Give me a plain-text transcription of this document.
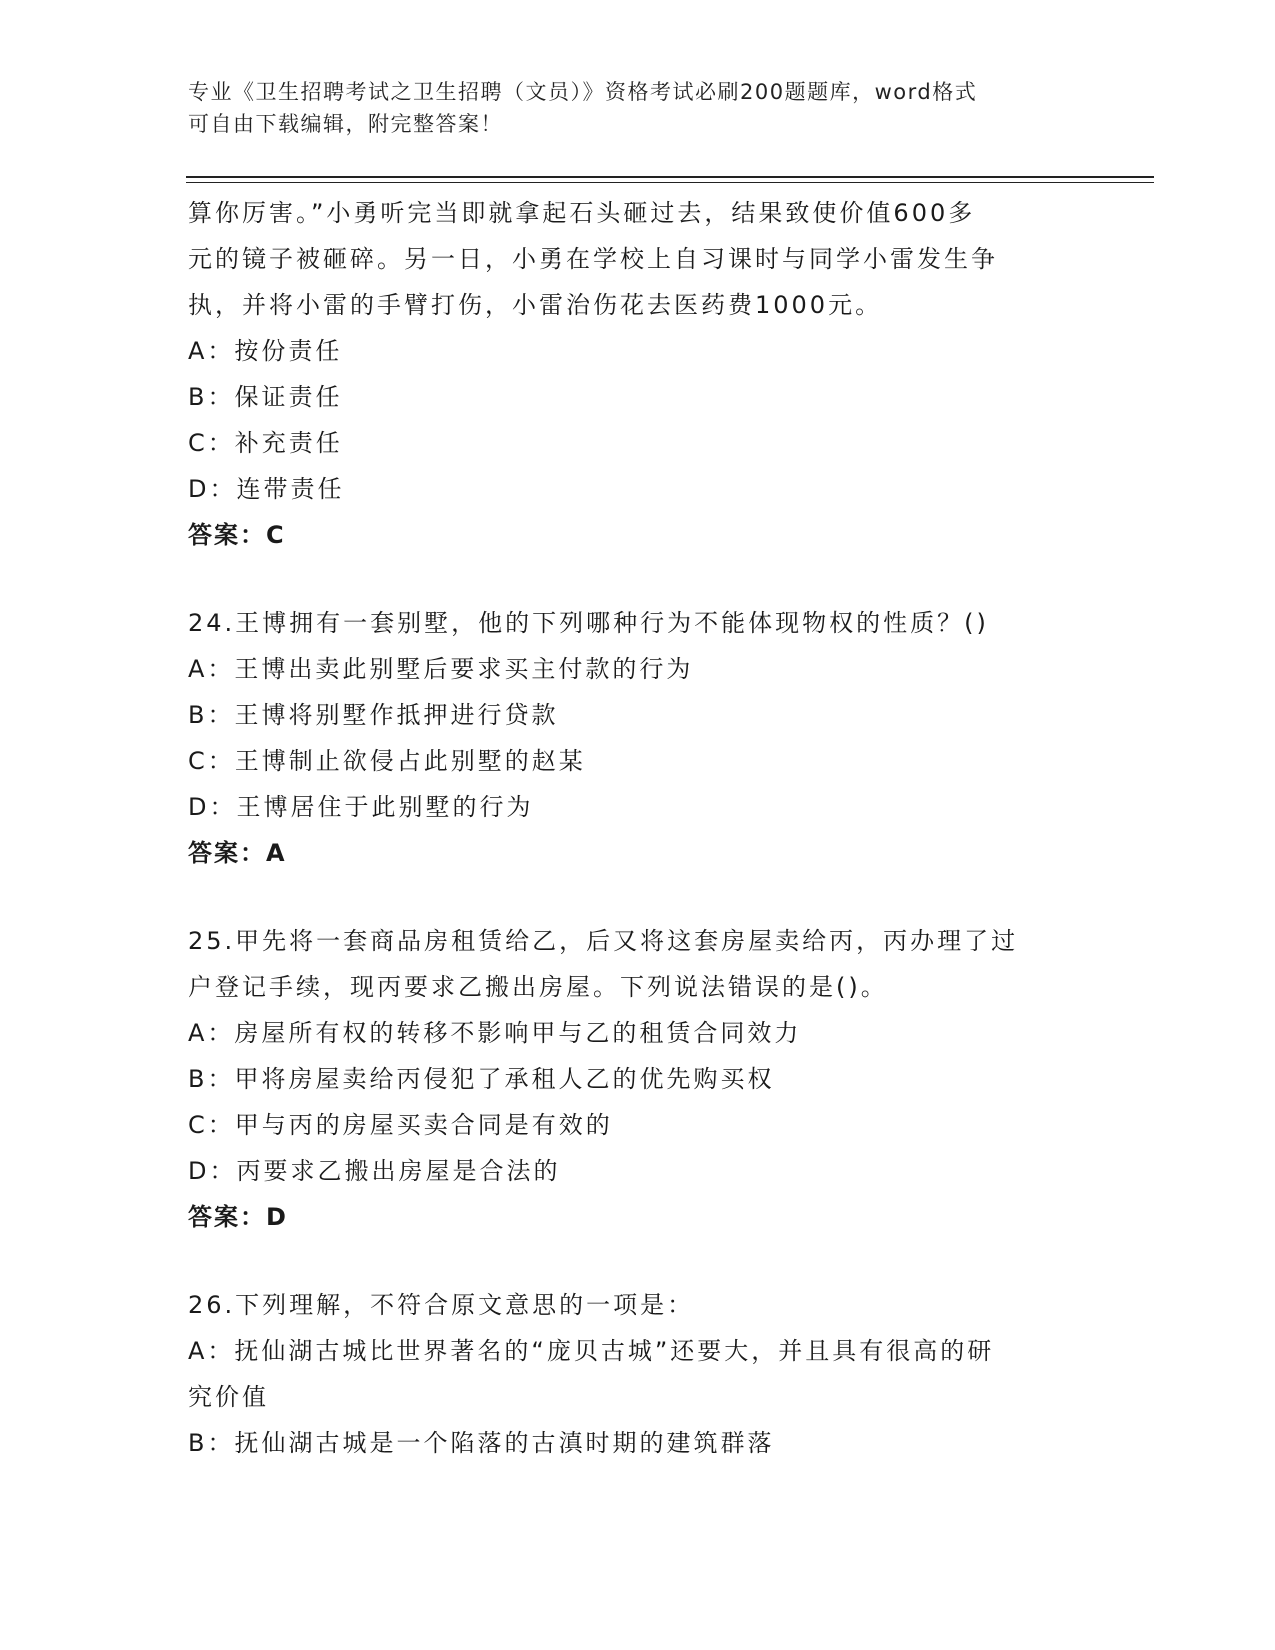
专业《卫生招聘考试之卫生招聘（文员）》资格考试必刷200题题库，word格式
可自由下载编辑，附完整答案！
算你厉害。”小勇听完当即就拿起石头砸过去，结果致使价值600多
元的镜子被砸碎。另一日，小勇在学校上自习课时与同学小雷发生争
执，并将小雷的手臂打伤，小雷治伤花去医药费1000元。
A：按份责任
B：保证责任
C：补充责任
D：连带责任
答案：C
24.王博拥有一套别墅，他的下列哪种行为不能体现物权的性质？()
A：王博出卖此别墅后要求买主付款的行为
B：王博将别墅作抵押进行贷款
C：王博制止欲侵占此别墅的赵某
D：王博居住于此别墅的行为
答案：A
25.甲先将一套商品房租赁给乙，后又将这套房屋卖给丙，丙办理了过
户登记手续，现丙要求乙搬出房屋。下列说法错误的是()。
A：房屋所有权的转移不影响甲与乙的租赁合同效力
B：甲将房屋卖给丙侵犯了承租人乙的优先购买权
C：甲与丙的房屋买卖合同是有效的
D：丙要求乙搬出房屋是合法的
答案：D
26.下列理解，不符合原文意思的一项是：
A：抚仙湖古城比世界著名的“庞贝古城”还要大，并且具有很高的研
究价值
B：抚仙湖古城是一个陷落的古滇时期的建筑群落
